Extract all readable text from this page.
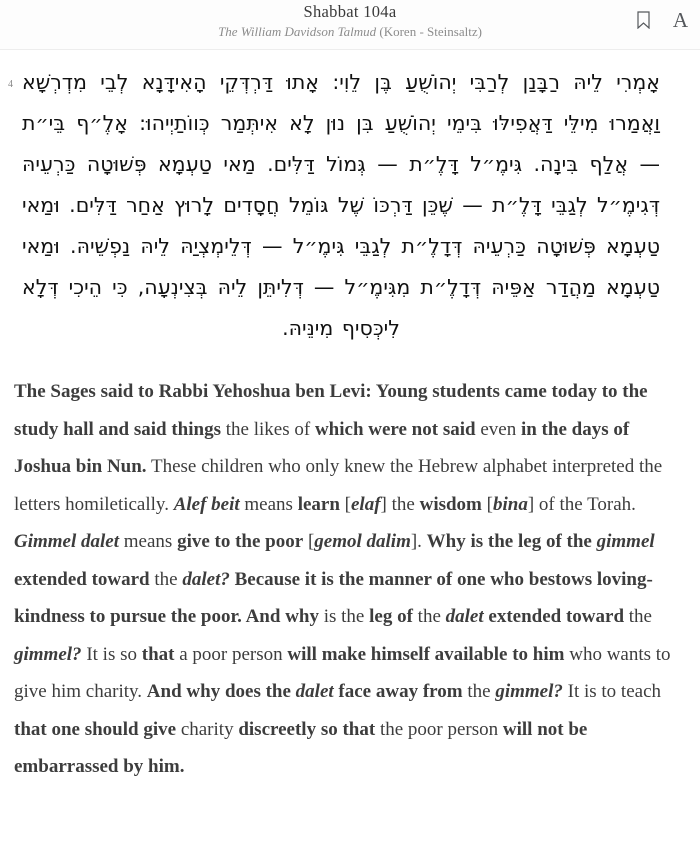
Shabbat 104a
The William Davidson Talmud (Koren - Steinsaltz)	A
4 אָמְרִי לֵיהּ רַבָּנַן לְרַבִּי יְהוֹשֻׁעַ בֶּן לֵוִי: אָתוּ דַּרְדְּקֵי הָאִידָּנָא לְבֵי מִדְרְשָׁא וַאֲמַרוּ מִילֵּי דַּאֲפִילּוּ בִּימֵי יְהוֹשֻׁעַ בִּן נוּן לָא אִיתְּמַר כְּווֹתַיְיהוּ: אָלֶ״ף בֵּי״ת — אֲלַף בִּינָה. גִּימֶ״ל דָּלֶ״ת — גְּמוֹל דַּלִּים. מַאי טַעְמָא פְּשׁוּטָה כַּרְעֵיהּ דְּגִימֶ״ל לְגַבֵּי דָּלֶ״ת — שֶׁכֵּן דַּרְכּוֹ שֶׁל גּוֹמֵל חֲסָדִים לָרוּץ אַחַר דַּלִּים. וּמַאי טַעְמָא פְּשׁוּטָה כַּרְעֵיהּ דְּדָלֶ״ת לְגַבֵּי גִּימֶ״ל — דְּלֵימְצְיַהּ לֵיהּ נַפְשֵׁיהּ. וּמַאי טַעְמָא מַהֲדַר אַפֵּיהּ דְּדָלֶ״ת מִגִּימֶ״ל — דְּלִיתֵּן לֵיהּ בְּצִינְעָה, כִּי הֵיכִי דְּלָא לִיכְּסִיף מִינֵּיהּ.
The Sages said to Rabbi Yehoshua ben Levi: Young students came today to the study hall and said things the likes of which were not said even in the days of Joshua bin Nun. These children who only knew the Hebrew alphabet interpreted the letters homiletically. Alef beit means learn [elaf] the wisdom [bina] of the Torah. Gimmel dalet means give to the poor [gemol dalim]. Why is the leg of the gimmel extended toward the dalet? Because it is the manner of one who bestows loving-kindness to pursue the poor. And why is the leg of the dalet extended toward the gimmel? It is so that a poor person will make himself available to him who wants to give him charity. And why does the dalet face away from the gimmel? It is to teach that one should give charity discreetly so that the poor person will not be embarrassed by him.
